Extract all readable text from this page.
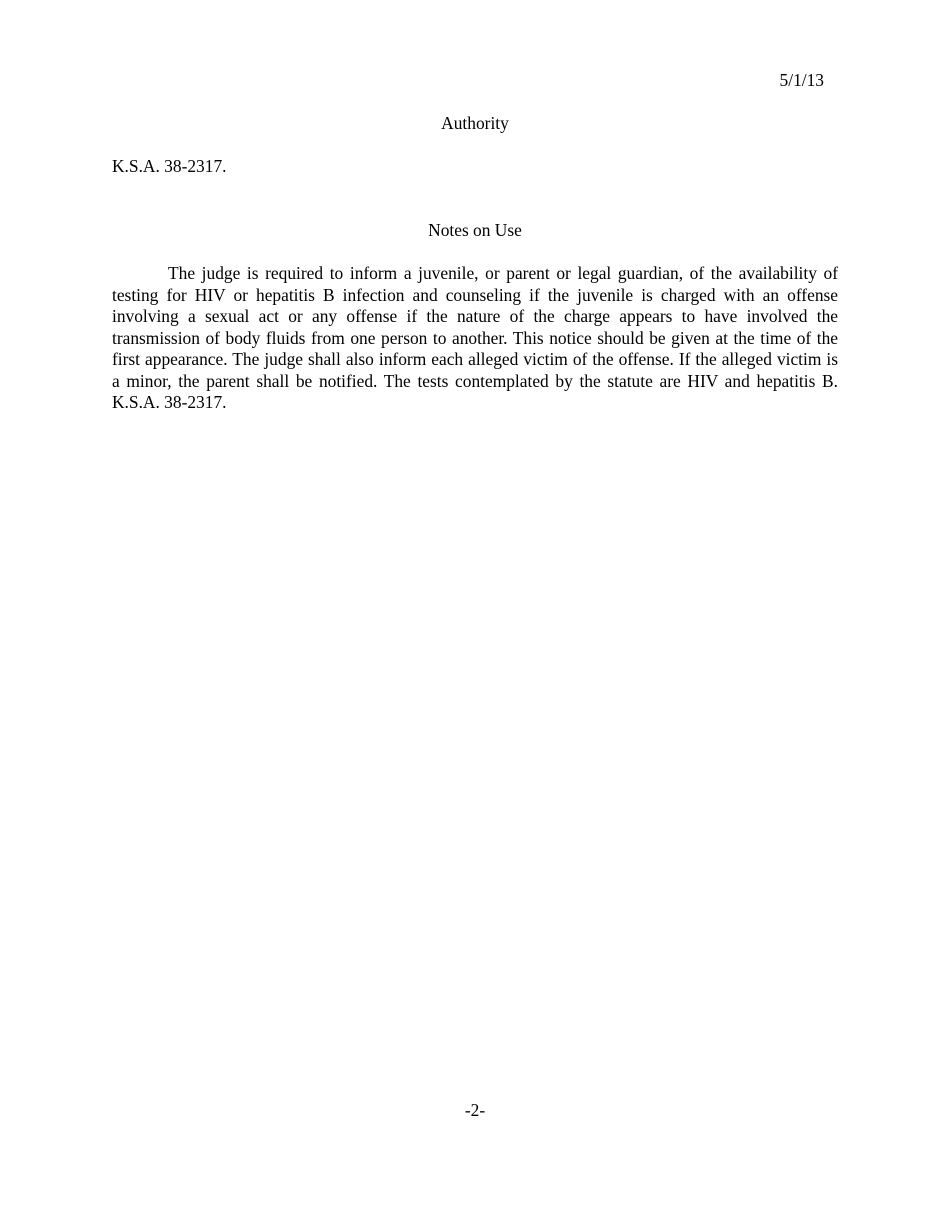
5/1/13

Authority

K.S.A. 38-2317.

Notes on Use

The judge is required to inform a juvenile, or parent or legal guardian, of the availability of testing for HIV or hepatitis B infection and counseling if the juvenile is charged with an offense involving a sexual act or any offense if the nature of the charge appears to have involved the transmission of body fluids from one person to another. This notice should be given at the time of the first appearance. The judge shall also inform each alleged victim of the offense. If the alleged victim is a minor, the parent shall be notified. The tests contemplated by the statute are HIV and hepatitis B. K.S.A. 38-2317.

-2-
